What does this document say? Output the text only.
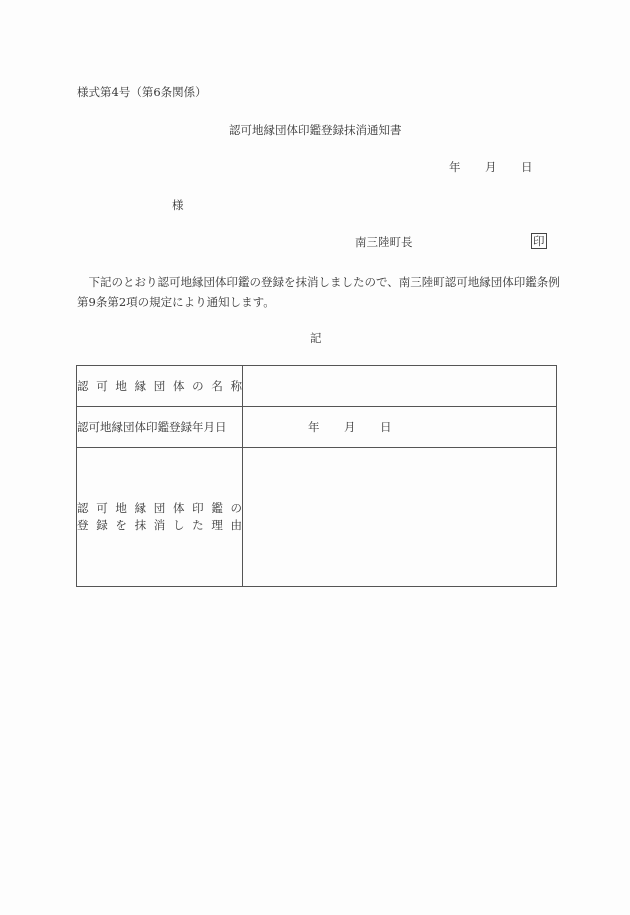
様式第4号（第6条関係）
認可地縁団体印鑑登録抹消通知書
年 月 日
様
南三陸町長	印
　下記のとおり認可地縁団体印鑑の登録を抹消しましたので、南三陸町認可地縁団体印鑑条例第9条第2項の規定により通知します。
記
認 可 地 縁 団 体 の 名 称

認可地縁団体印鑑登録年月日	年 月 日

認 可 地 縁 団 体 印 鑑 の
登 録 を 抹 消 し た 理 由
